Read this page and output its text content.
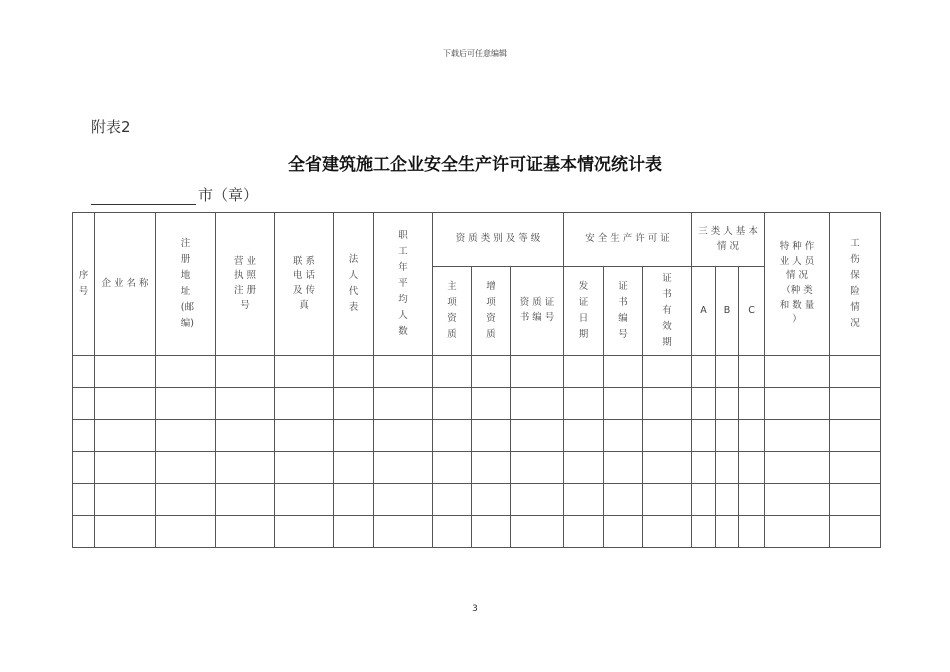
下载后可任意编辑
附表2
全省建筑施工企业安全生产许可证基本情况统计表
市（章）
序号	企 业 名 称	注册地址(邮编)	营 业 执 照 注 册 号	联 系 电 话 及 传 真	法人代表	职工年平均人数	资 质 类 别 及 等 级			安 全 生 产 许 可 证			三 类 人 基 本 情 况			特 种 作 业 人 员 情 况 （种 类和 数 量 ）	工伤保险情况
							主项资质	增项资质	资 质 证 书 编 号	发证日期	证书编号	证书有效期	A	B	C		

3
